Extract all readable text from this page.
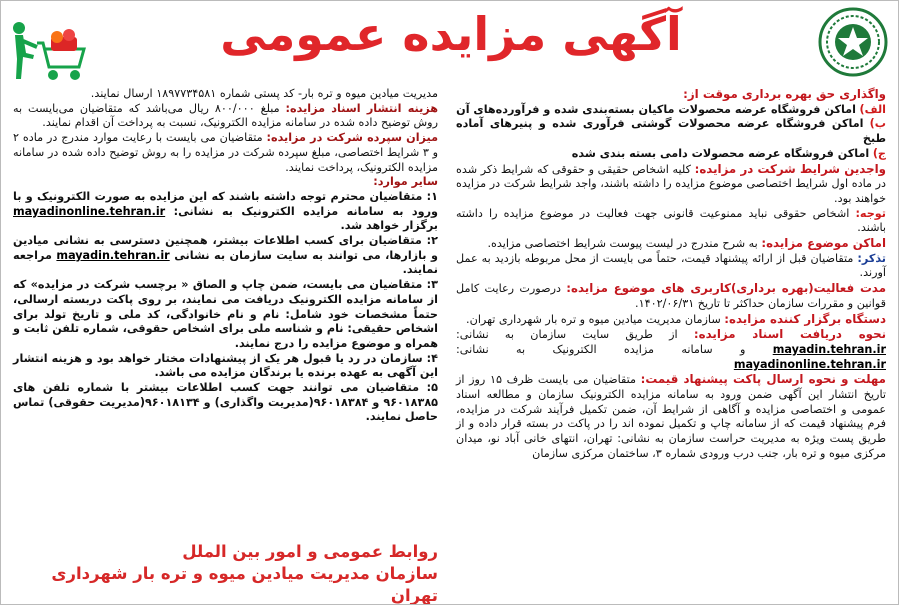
آگهی مزایده عمومی

واگذاری حق بهره برداری موقت از:

الف) اماکن فروشگاه عرضه محصولات ماکیان بسته‌بندی شده و فرآورده‌های آن

ب) اماکن فروشگاه عرضه محصولات گوشتی فرآوری شده و پنیرهای آماده طبخ

ج) اماکن فروشگاه عرضه محصولات دامی بسته بندی شده

واجدین شرایط شرکت در مزایده: کلیه اشخاص حقیقی و حقوقی که شرایط ذکر شده در ماده اول شرایط اختصاصی موضوع مزایده را داشته باشند، واجد شرایط شرکت در مزایده خواهند بود.

توجه: اشخاص حقوقی نباید ممنوعیت قانونی جهت فعالیت در موضوع مزایده را داشته باشند.

اماکن موضوع مزایده: به شرح مندرج در لیست پیوست شرایط اختصاصی مزایده.

تذکر: متقاضیان قبل از ارائه پیشنهاد قیمت، حتماً می بایست از محل مربوطه بازدید به عمل آورند.

مدت فعالیت(بهره برداری)کاربری های موضوع مزایده: درصورت رعایت کامل قوانین و مقررات سازمان حداکثر تا تاریخ ۱۴۰۲/۰۶/۳۱.

دستگاه برگزار کننده مزایده: سازمان مدیریت میادین میوه و تره بار شهرداری تهران.

نحوه دریافت اسناد مزایده: از طریق سایت سازمان به نشانی: mayadin.tehran.ir و سامانه مزایده الکترونیک به نشانی: mayadinonline.tehran.ir

مهلت و نحوه ارسال پاکت پیشنهاد قیمت: متقاضیان می بایست ظرف ۱۵ روز از تاریخ انتشار این آگهی ضمن ورود به سامانه مزایده الکترونیک سازمان و مطالعه اسناد عمومی و اختصاصی مزایده و آگاهی از شرایط آن، ضمن تکمیل فرآیند شرکت در مزایده، فرم پیشنهاد قیمت که از سامانه چاپ و تکمیل نموده اند را در پاکت در بسته قرار داده و از طریق پست ویژه به مدیریت حراست سازمان به نشانی: تهران، انتهای خانی آباد نو، میدان مرکزی میوه و تره بار، جنب درب ورودی شماره ۳، ساختمان مرکزی سازمان

مدیریت میادین میوه و تره بار- کد پستی شماره ۱۸۹۷۷۳۴۵۸۱ ارسال نمایند.

هزینه انتشار اسناد مزایده: مبلغ ۸۰۰/۰۰۰ ریال می‌باشد که متقاضیان می‌بایست به روش توضیح داده شده در سامانه مزایده الکترونیک، نسبت به پرداخت آن اقدام نمایند.

میزان سپرده شرکت در مزایده: متقاضیان می بایست با رعایت موارد مندرج در ماده ۲ و ۳ شرایط اختصاصی، مبلغ سپرده شرکت در مزایده را به روش توضیح داده شده در سامانه مزایده الکترونیک، پرداخت نمایند.

سایر موارد:

۱: متقاضیان محترم توجه داشته باشند که این مزایده به صورت الکترونیک و با ورود به سامانه مزایده الکترونیک به نشانی: mayadinonline.tehran.ir برگزار خواهد شد.

۲: متقاضیان برای کسب اطلاعات بیشتر، همچنین دسترسی به نشانی میادین و بازارها، می توانند به سایت سازمان به نشانی mayadin.tehran.ir مراجعه نمایند.

۳: متقاضیان می بایست، ضمن چاپ و الصاق « برچسب شرکت در مزایده» که از سامانه مزایده الکترونیک دریافت می نمایند، بر روی پاکت دربسته ارسالی، حتماً مشخصات خود شامل: نام و نام خانوادگی، کد ملی و تاریخ تولد برای اشخاص حقیقی: نام و شناسه ملی برای اشخاص حقوقی، شماره تلفن ثابت و همراه و موضوع مزایده را درج نمایند.

۴: سازمان در رد یا قبول هر یک از پیشنهادات مختار خواهد بود و هزینه انتشار این آگهی به عهده برنده یا برندگان مزایده می باشد.

۵: متقاضیان می توانند جهت کسب اطلاعات بیشتر با شماره تلفن های ۹۶۰۱۸۳۸۵ و ۹۶۰۱۸۳۸۴(مدیریت واگذاری) و ۹۶۰۱۸۱۳۴(مدیریت حقوقی) تماس حاصل نمایند.

روابط عمومی و امور بین الملل
سازمان مدیریت میادین میوه و تره بار شهرداری تهران
